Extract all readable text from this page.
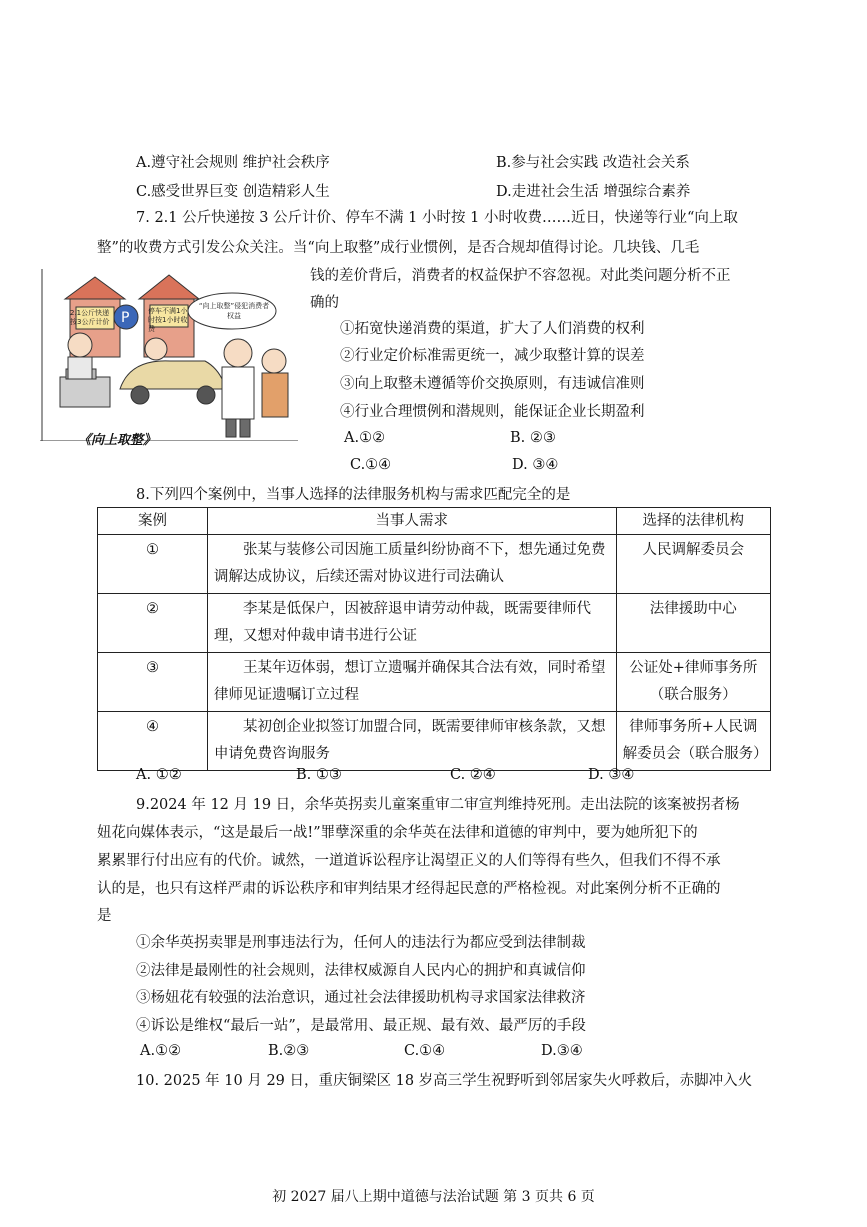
A.遵守社会规则 维护社会秩序	B.参与社会实践 改造社会关系
C.感受世界巨变 创造精彩人生	D.走进社会生活 增强综合素养
7. 2.1 公斤快递按 3 公斤计价、停车不满 1 小时按 1 小时收费……近日，快递等行业“向上取
整”的收费方式引发公众关注。当“向上取整”成行业惯例，是否合规却值得讨论。几块钱、几毛
钱的差价背后，消费者的权益保护不容忽视。对此类问题分析不正
确的
P
2.1公斤快递按3公斤计价
停车不满1小时按1小时收费
“向上取整”侵犯消费者权益
《向上取整》
①拓宽快递消费的渠道，扩大了人们消费的权利
②行业定价标准需更统一，减少取整计算的误差
③向上取整未遵循等价交换原则，有违诚信准则
④行业合理惯例和潜规则，能保证企业长期盈利
A.①②	B. ②③
C.①④	D. ③④
8.下列四个案例中，当事人选择的法律服务机构与需求匹配完全的是
案例	当事人需求	选择的法律机构
①	张某与装修公司因施工质量纠纷协商不下，想先通过免费调解达成协议，后续还需对协议进行司法确认	人民调解委员会
②	李某是低保户，因被辞退申请劳动仲裁，既需要律师代理，又想对仲裁申请书进行公证	法律援助中心
③	王某年迈体弱，想订立遗嘱并确保其合法有效，同时希望律师见证遗嘱订立过程	公证处+律师事务所（联合服务）
④	某初创企业拟签订加盟合同，既需要律师审核条款，又想申请免费咨询服务	律师事务所+人民调解委员会（联合服务）
A. ①②	B. ①③	C. ②④	D. ③④
9.2024 年 12 月 19 日，余华英拐卖儿童案重审二审宣判维持死刑。走出法院的该案被拐者杨
妞花向媒体表示，“这是最后一战!”罪孽深重的余华英在法律和道德的审判中，要为她所犯下的
累累罪行付出应有的代价。诚然，一道道诉讼程序让渴望正义的人们等得有些久，但我们不得不承
认的是，也只有这样严肃的诉讼秩序和审判结果才经得起民意的严格检视。对此案例分析不正确的
是
①余华英拐卖罪是刑事违法行为，任何人的违法行为都应受到法律制裁
②法律是最刚性的社会规则，法律权威源自人民内心的拥护和真诚信仰
③杨妞花有较强的法治意识，通过社会法律援助机构寻求国家法律救济
④诉讼是维权“最后一站”，是最常用、最正规、最有效、最严厉的手段
A.①②	B.②③	C.①④	D.③④
10. 2025 年 10 月 29 日，重庆铜梁区 18 岁高三学生祝野听到邻居家失火呼救后，赤脚冲入火
初 2027 届八上期中道德与法治试题 第 3 页共 6 页
